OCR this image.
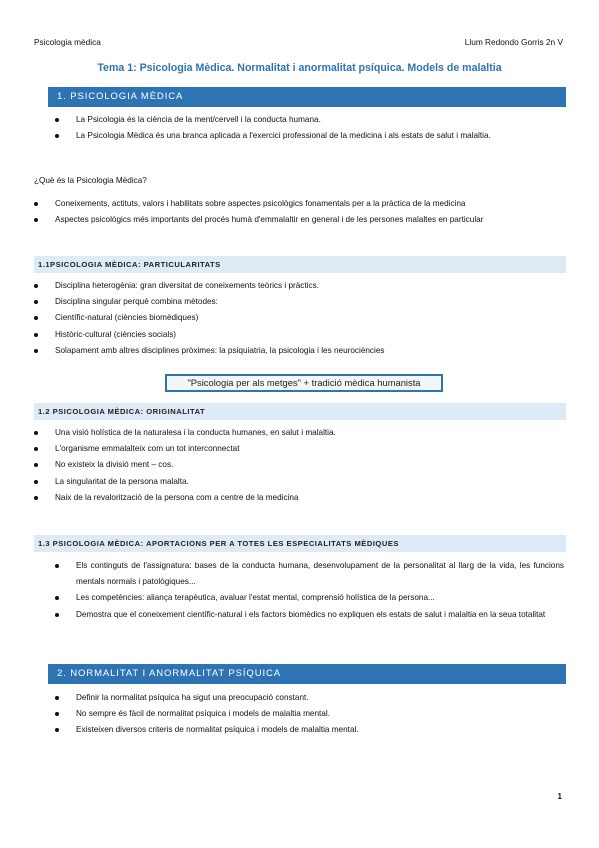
Psicologia mèdica	Llum Redondo Gorris 2n V
Tema 1: Psicologia Mèdica. Normalitat i anormalitat psíquica. Models de malaltia
1. PSICOLOGIA MÈDICA
La Psicologia és la ciència de la ment/cervell i la conducta humana.
La Psicologia Mèdica és una branca aplicada a l'exercici professional de la medicina i als estats de salut i malaltia.
¿Què és la Psicologia Mèdica?
Coneixements, actituts, valors i habilitats sobre aspectes psicològics fonamentals per a la pràctica de la medicina
Aspectes psicològics més importants del procés humà d'emmalaltir en general i de les persones malaltes en particular
1.1PSICOLOGIA MÈDICA: PARTICULARITATS
Disciplina heterogènia: gran diversitat de coneixements teòrics i pràctics.
Disciplina singular perquè combina mètodes:
Científic-natural (ciències biomèdiques)
Històric-cultural (ciències socials)
Solapament amb altres disciplines pròximes: la psiquiatria, la psicologia i les neurociències
"Psicologia per als metges" + tradició mèdica humanista
1.2 PSICOLOGIA MÈDICA: ORIGINALITAT
Una visió holística de la naturalesa i la conducta humanes, en salut i malaltia.
L'organisme emmalalteix com un tot interconnectat
No existeix la divisió ment – cos.
La singularitat de la persona malalta.
Naix de la revalorització de la persona com a centre de la medicina
1.3 PSICOLOGIA MÈDICA: APORTACIONS PER A TOTES LES ESPECIALITATS MÈDIQUES
Els continguts de l'assignatura: bases de la conducta humana, desenvolupament de la personalitat al llarg de la vida, les funcions mentals normals i patològiques...
Les competències: aliança terapèutica, avaluar l'estat mental, comprensió holística de la persona...
Demostra que el coneixement científic-natural i els factors biomèdics no expliquen els estats de salut i malaltia en la seua totalitat
2. NORMALITAT I ANORMALITAT PSÍQUICA
Definir la normalitat psíquica ha sigut una preocupació constant.
No sempre és fàcil de normalitat psíquica i models de malaltia mental.
Existeixen diversos criteris de normalitat psíquica i models de malaltia mental.
1
